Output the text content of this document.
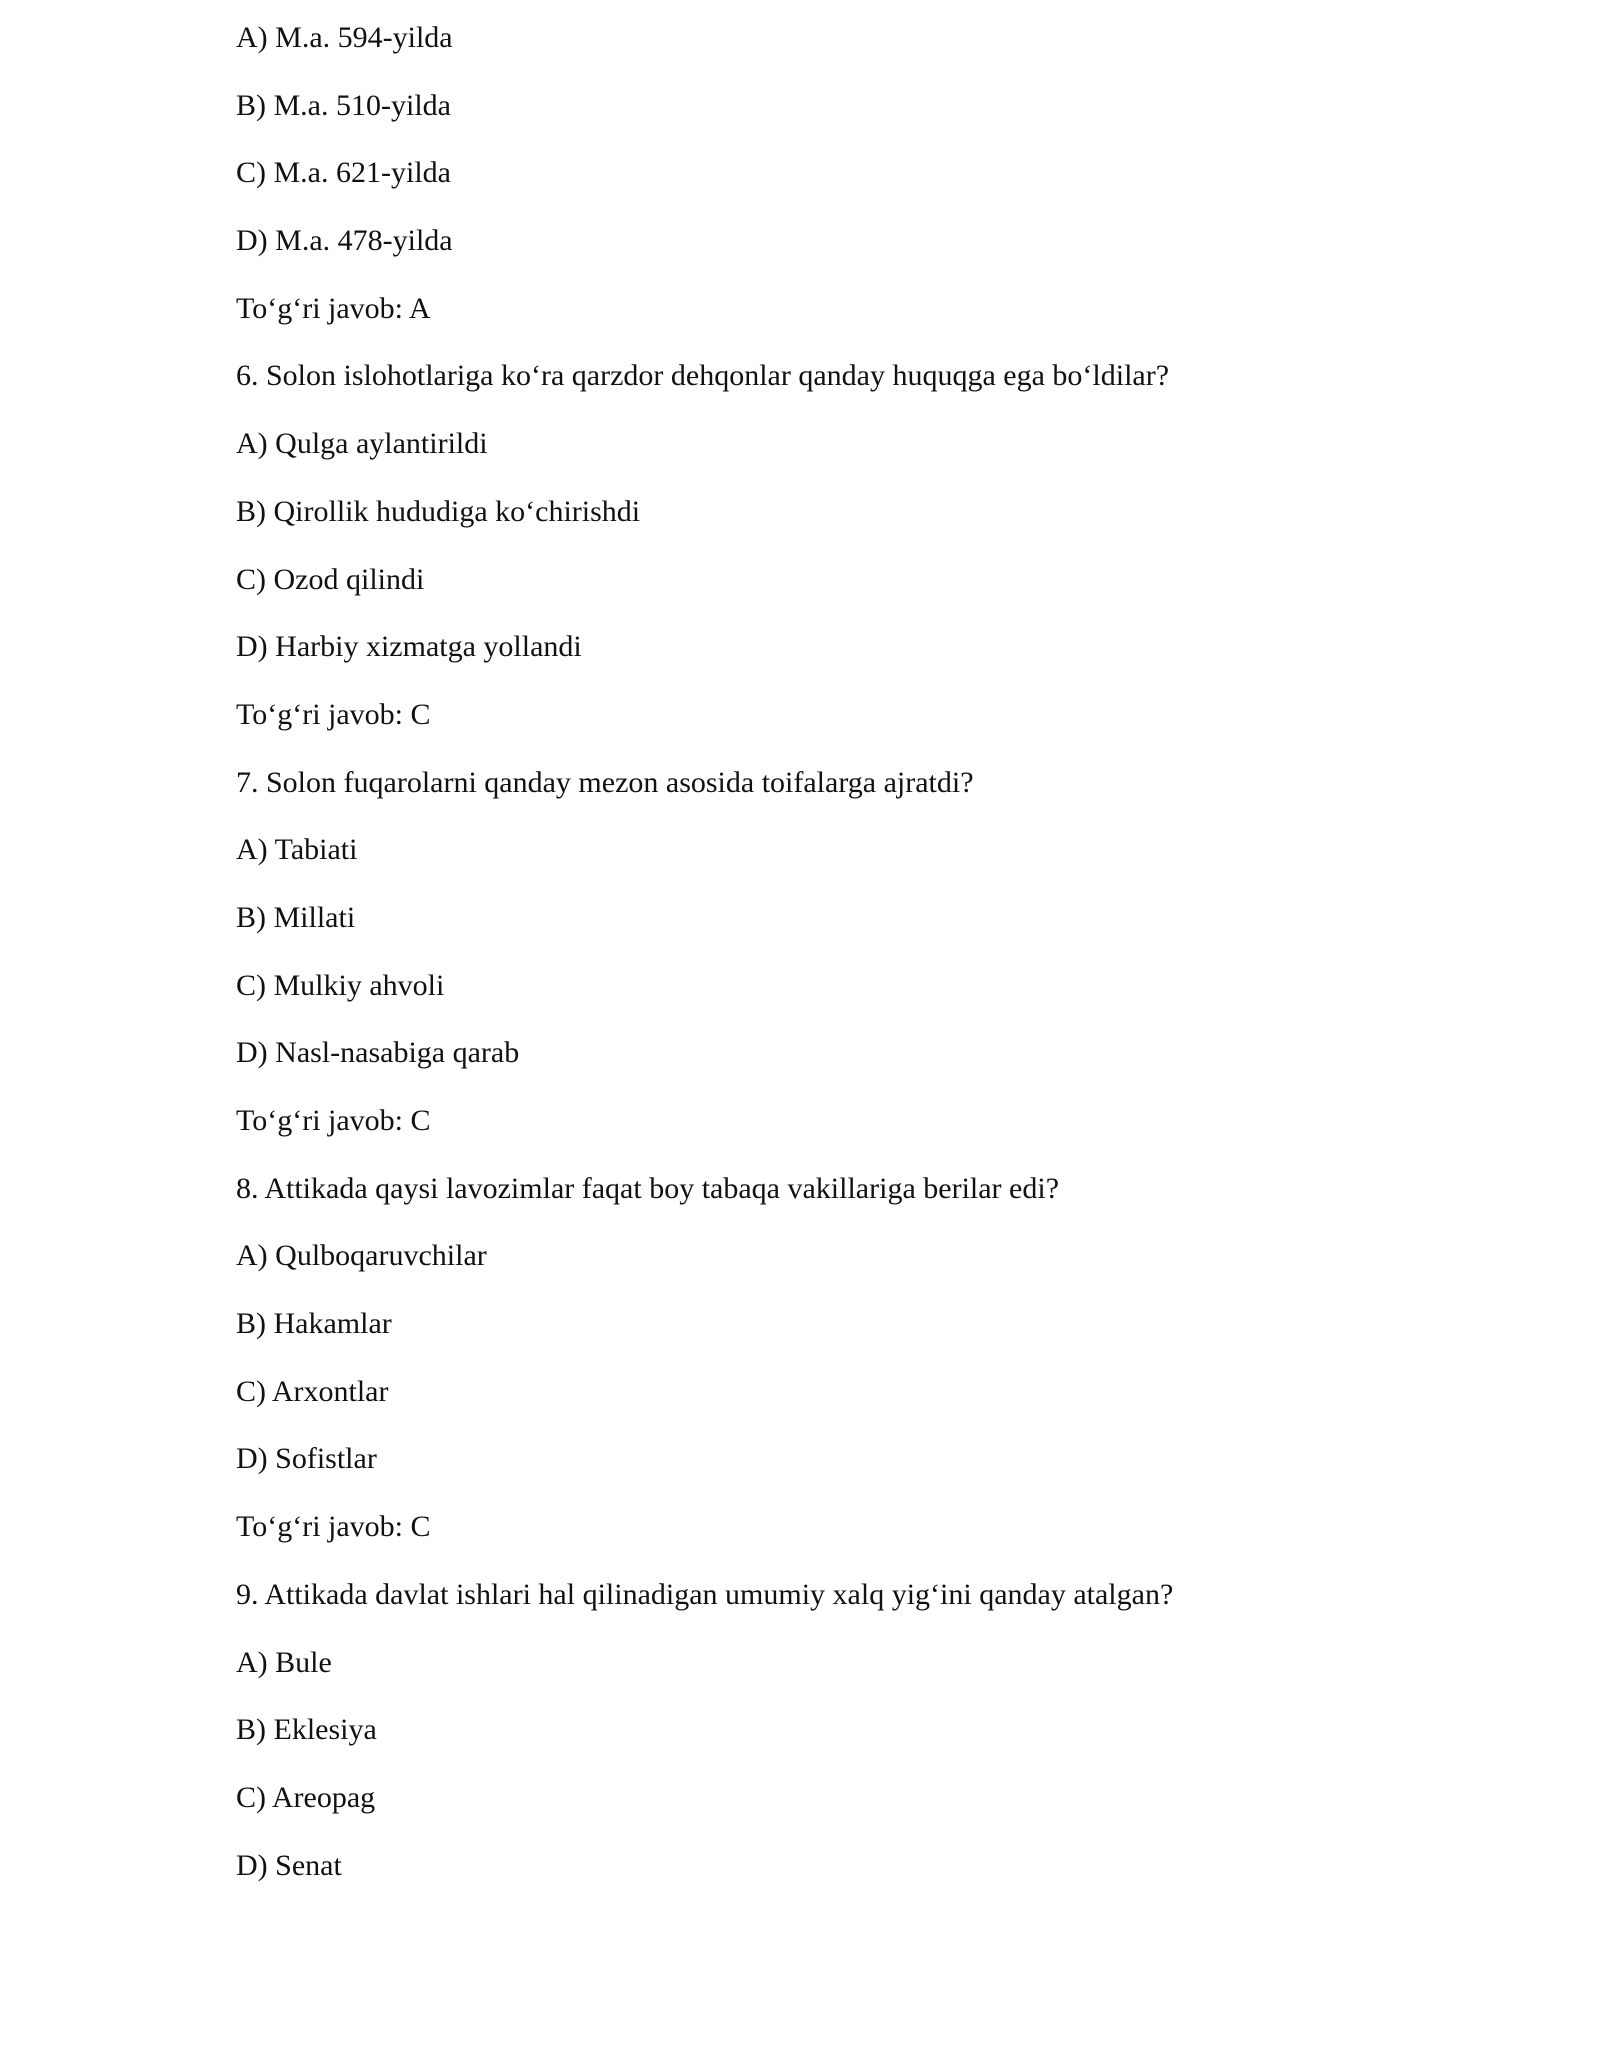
A) M.a. 594-yilda
B) M.a. 510-yilda
C) M.a. 621-yilda
D) M.a. 478-yilda
To‘g‘ri javob: A
6. Solon islohotlariga ko‘ra qarzdor dehqonlar qanday huquqga ega bo‘ldilar?
A) Qulga aylantirildi
B) Qirollik hududiga ko‘chirishdi
C) Ozod qilindi
D) Harbiy xizmatga yollandi
To‘g‘ri javob: C
7. Solon fuqarolarni qanday mezon asosida toifalarga ajratdi?
A) Tabiati
B) Millati
C) Mulkiy ahvoli
D) Nasl-nasabiga qarab
To‘g‘ri javob: C
8. Attikada qaysi lavozimlar faqat boy tabaqa vakillariga berilar edi?
A) Qulboqaruvchilar
B) Hakamlar
C) Arxontlar
D) Sofistlar
To‘g‘ri javob: C
9. Attikada davlat ishlari hal qilinadigan umumiy xalq yig‘ini qanday atalgan?
A) Bule
B) Eklesiya
C) Areopag
D) Senat
